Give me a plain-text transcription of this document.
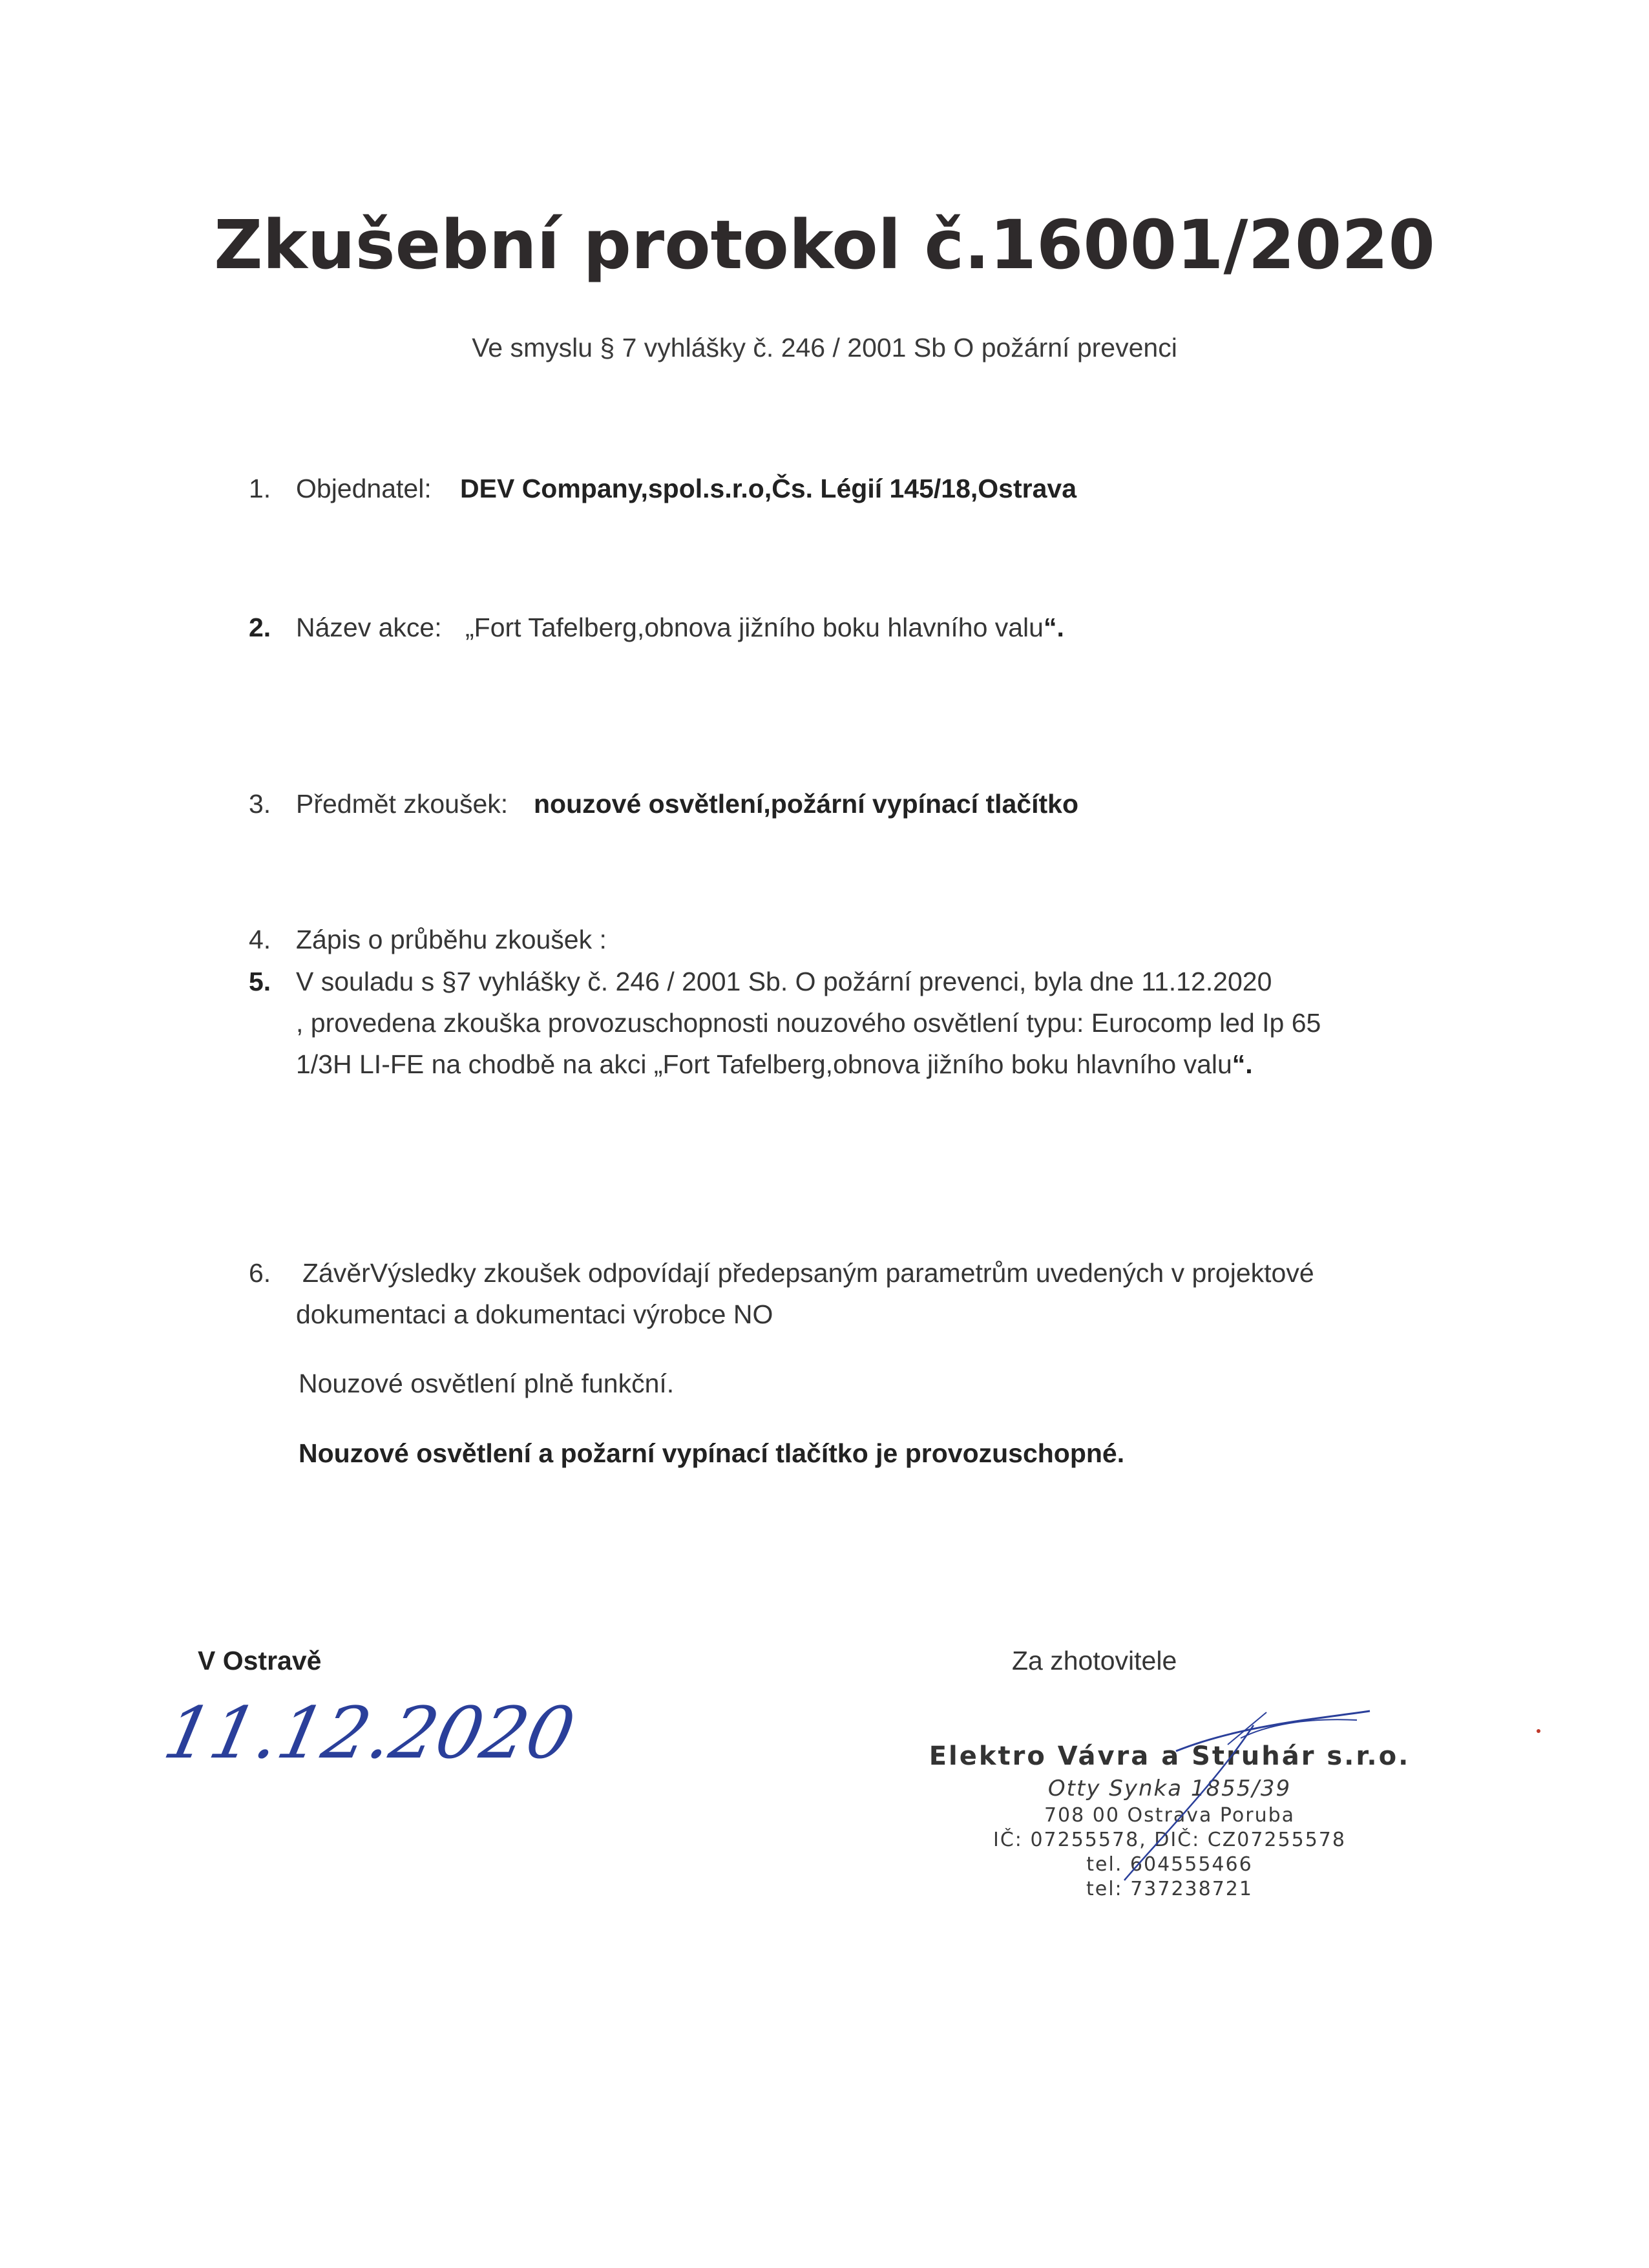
Zkušební protokol č.16001/2020
Ve smyslu § 7 vyhlášky č. 246 / 2001 Sb O požární prevenci
1. Objednatel: DEV Company,spol.s.r.o,Čs. Légií 145/18,Ostrava
2. Název akce: „Fort Tafelberg,obnova jižního boku hlavního valu“.
3. Předmět zkoušek: nouzové osvětlení,požární vypínací tlačítko
4. Zápis o průběhu zkoušek :
5. V souladu s §7 vyhlášky č. 246 / 2001 Sb. O požární prevenci, byla dne 11.12.2020
, provedena zkouška provozuschopnosti nouzového osvětlení typu: Eurocomp led Ip 65
1/3H LI-FE na chodbě na akci „Fort Tafelberg,obnova jižního boku hlavního valu“.
6. ZávěrVýsledky zkoušek odpovídají předepsaným parametrům uvedených v projektové
dokumentaci a dokumentaci výrobce NO
Nouzové osvětlení plně funkční.
Nouzové osvětlení a požarní vypínací tlačítko je provozuschopné.
V Ostravě
11.12.2020
Za zhotovitele
Elektro Vávra a Struhár s.r.o.
Otty Synka 1855/39
708 00 Ostrava Poruba
IČ: 07255578, DIČ: CZ07255578
tel. 604555466
tel: 737238721
